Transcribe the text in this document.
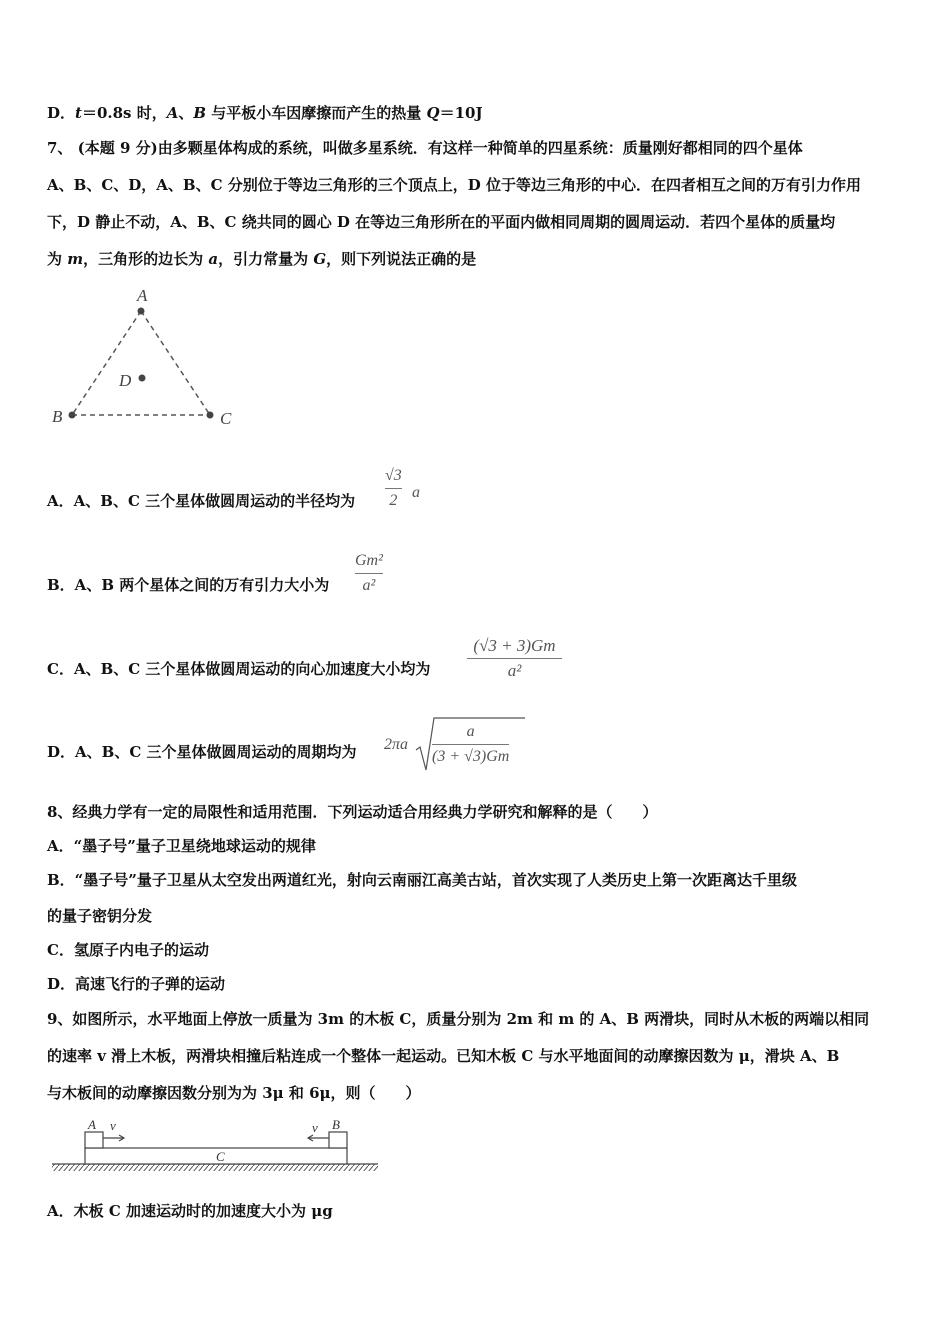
D．t＝0.8s 时，A、B 与平板小车因摩擦而产生的热量 Q＝10J
7、 (本题 9 分)由多颗星体构成的系统，叫做多星系统．有这样一种简单的四星系统：质量刚好都相同的四个星体
A、B、C、D，A、B、C 分别位于等边三角形的三个顶点上，D 位于等边三角形的中心．在四者相互之间的万有引力作用
下，D 静止不动，A、B、C 绕共同的圆心 D 在等边三角形所在的平面内做相同周期的圆周运动．若四个星体的质量均
为 m，三角形的边长为 a，引力常量为 G，则下列说法正确的是
A
B	C
D
A．A、B、C 三个星体做圆周运动的半径均为
√3
2 a
B．A、B 两个星体之间的万有引力大小为
Gm²
a²
C．A、B、C 三个星体做圆周运动的向心加速度大小均为
(√3 + 3)Gm
a²
D．A、B、C 三个星体做圆周运动的周期均为 2πa
a
(3 + √3)Gm
8、经典力学有一定的局限性和适用范围．下列运动适合用经典力学研究和解释的是（　　）
A．“墨子号”量子卫星绕地球运动的规律
B．“墨子号”量子卫星从太空发出两道红光，射向云南丽江高美古站，首次实现了人类历史上第一次距离达千里级
的量子密钥分发
C．氢原子内电子的运动
D．高速飞行的子弹的运动
9、如图所示，水平地面上停放一质量为 3m 的木板 C，质量分别为 2m 和 m 的 A、B 两滑块，同时从木板的两端以相同
的速率 v 滑上木板，两滑块相撞后粘连成一个整体一起运动。已知木板 C 与水平地面间的动摩擦因数为 μ，滑块 A、B
与木板间的动摩擦因数分别为为 3μ 和 6μ，则（　　）
A	B
v	v
C
A．木板 C 加速运动时的加速度大小为 μg
